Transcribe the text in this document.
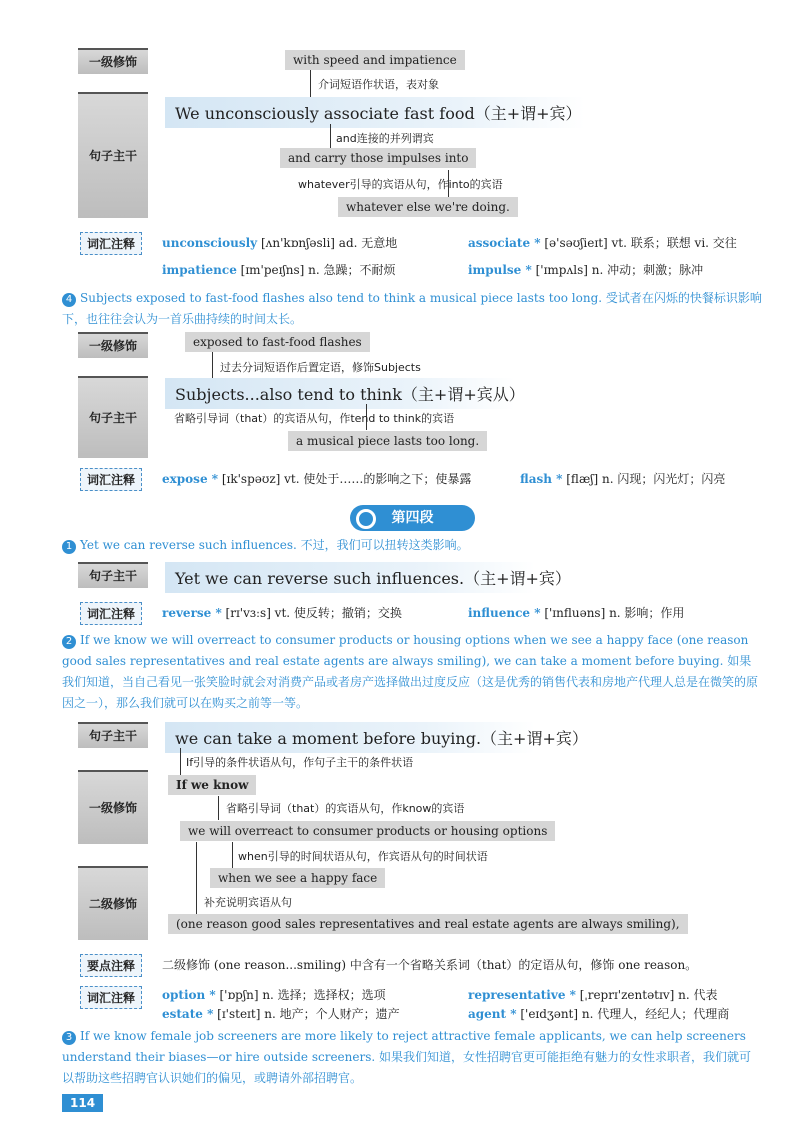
一级修饰
句子主干
with speed and impatience
介词短语作状语，表对象
We unconsciously associate fast food（主+谓+宾）
and连接的并列谓宾
and carry those impulses into
whatever引导的宾语从句，作into的宾语
whatever else we're doing.
词汇注释	unconsciously [ʌn'kɒnʃəsli] ad. 无意地	associate * [ə'səʊʃieɪt] vt. 联系；联想 vi. 交往
impatience [ɪm'peɪʃns] n. 急躁；不耐烦	impulse * ['ɪmpʌls] n. 冲动；刺激；脉冲
4 Subjects exposed to fast-food flashes also tend to think a musical piece lasts too long. 受试者在闪烁的快餐标识影响下，也往往会认为一首乐曲持续的时间太长。
一级修饰
句子主干
exposed to fast-food flashes
过去分词短语作后置定语，修饰Subjects
Subjects...also tend to think（主+谓+宾从）
省略引导词（that）的宾语从句，作tend to think的宾语
a musical piece lasts too long.
词汇注释	expose * [ɪk'spəʊz] vt. 使处于……的影响之下；使暴露	flash * [flæʃ] n. 闪现；闪光灯；闪亮
第四段
1 Yet we can reverse such influences. 不过，我们可以扭转这类影响。
句子主干	Yet we can reverse such influences.（主+谓+宾）
词汇注释	reverse * [rɪ'vɜːs] vt. 使反转；撤销；交换	influence * ['ɪnfluəns] n. 影响；作用
2 If we know we will overreact to consumer products or housing options when we see a happy face (one reason good sales representatives and real estate agents are always smiling), we can take a moment before buying. 如果我们知道，当自己看见一张笑脸时就会对消费产品或者房产选择做出过度反应（这是优秀的销售代表和房地产代理人总是在微笑的原因之一），那么我们就可以在购买之前等一等。
句子主干
一级修饰
二级修饰
we can take a moment before buying.（主+谓+宾）
If引导的条件状语从句，作句子主干的条件状语
If we know
省略引导词（that）的宾语从句，作know的宾语
we will overreact to consumer products or housing options
when引导的时间状语从句，作宾语从句的时间状语
when we see a happy face
补充说明宾语从句
(one reason good sales representatives and real estate agents are always smiling),
要点注释	二级修饰 (one reason...smiling) 中含有一个省略关系词（that）的定语从句，修饰 one reason。
词汇注释	option * ['ɒpʃn] n. 选择；选择权；选项	representative * [ˌreprɪ'zentətɪv] n. 代表
estate * [ɪ'steɪt] n. 地产；个人财产；遗产	agent * ['eɪdʒənt] n. 代理人，经纪人；代理商
3 If we know female job screeners are more likely to reject attractive female applicants, we can help screeners understand their biases—or hire outside screeners. 如果我们知道，女性招聘官更可能拒绝有魅力的女性求职者，我们就可以帮助这些招聘官认识她们的偏见，或聘请外部招聘官。
114
